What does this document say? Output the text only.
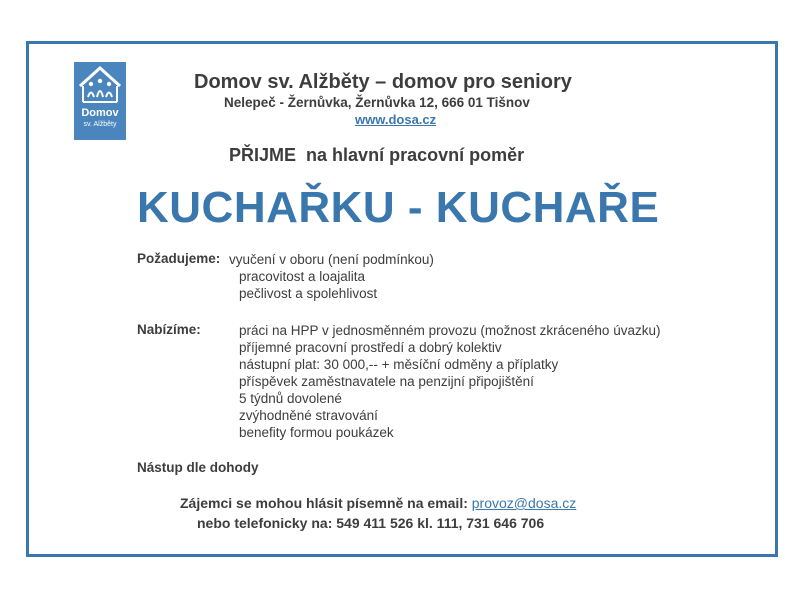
Domov
sv. Alžběty
Domov sv. Alžběty – domov pro seniory
Nelepeč - Žernůvka, Žernůvka 12, 666 01 Tišnov
www.dosa.cz
PŘIJME na hlavní pracovní poměr
KUCHAŘKU - KUCHAŘE
Požadujeme: vyučení v oboru (není podmínkou)
pracovitost a loajalita
pečlivost a spolehlivost
Nabízíme:	práci na HPP v jednosměnném provozu (možnost zkráceného úvazku)
příjemné pracovní prostředí a dobrý kolektiv
nástupní plat: 30 000,-- + měsíční odměny a příplatky
příspěvek zaměstnavatele na penzijní připojištění
5 týdnů dovolené
zvýhodněné stravování
benefity formou poukázek
Nástup dle dohody
Zájemci se mohou hlásit písemně na email: provoz@dosa.cz
nebo telefonicky na: 549 411 526 kl. 111, 731 646 706
